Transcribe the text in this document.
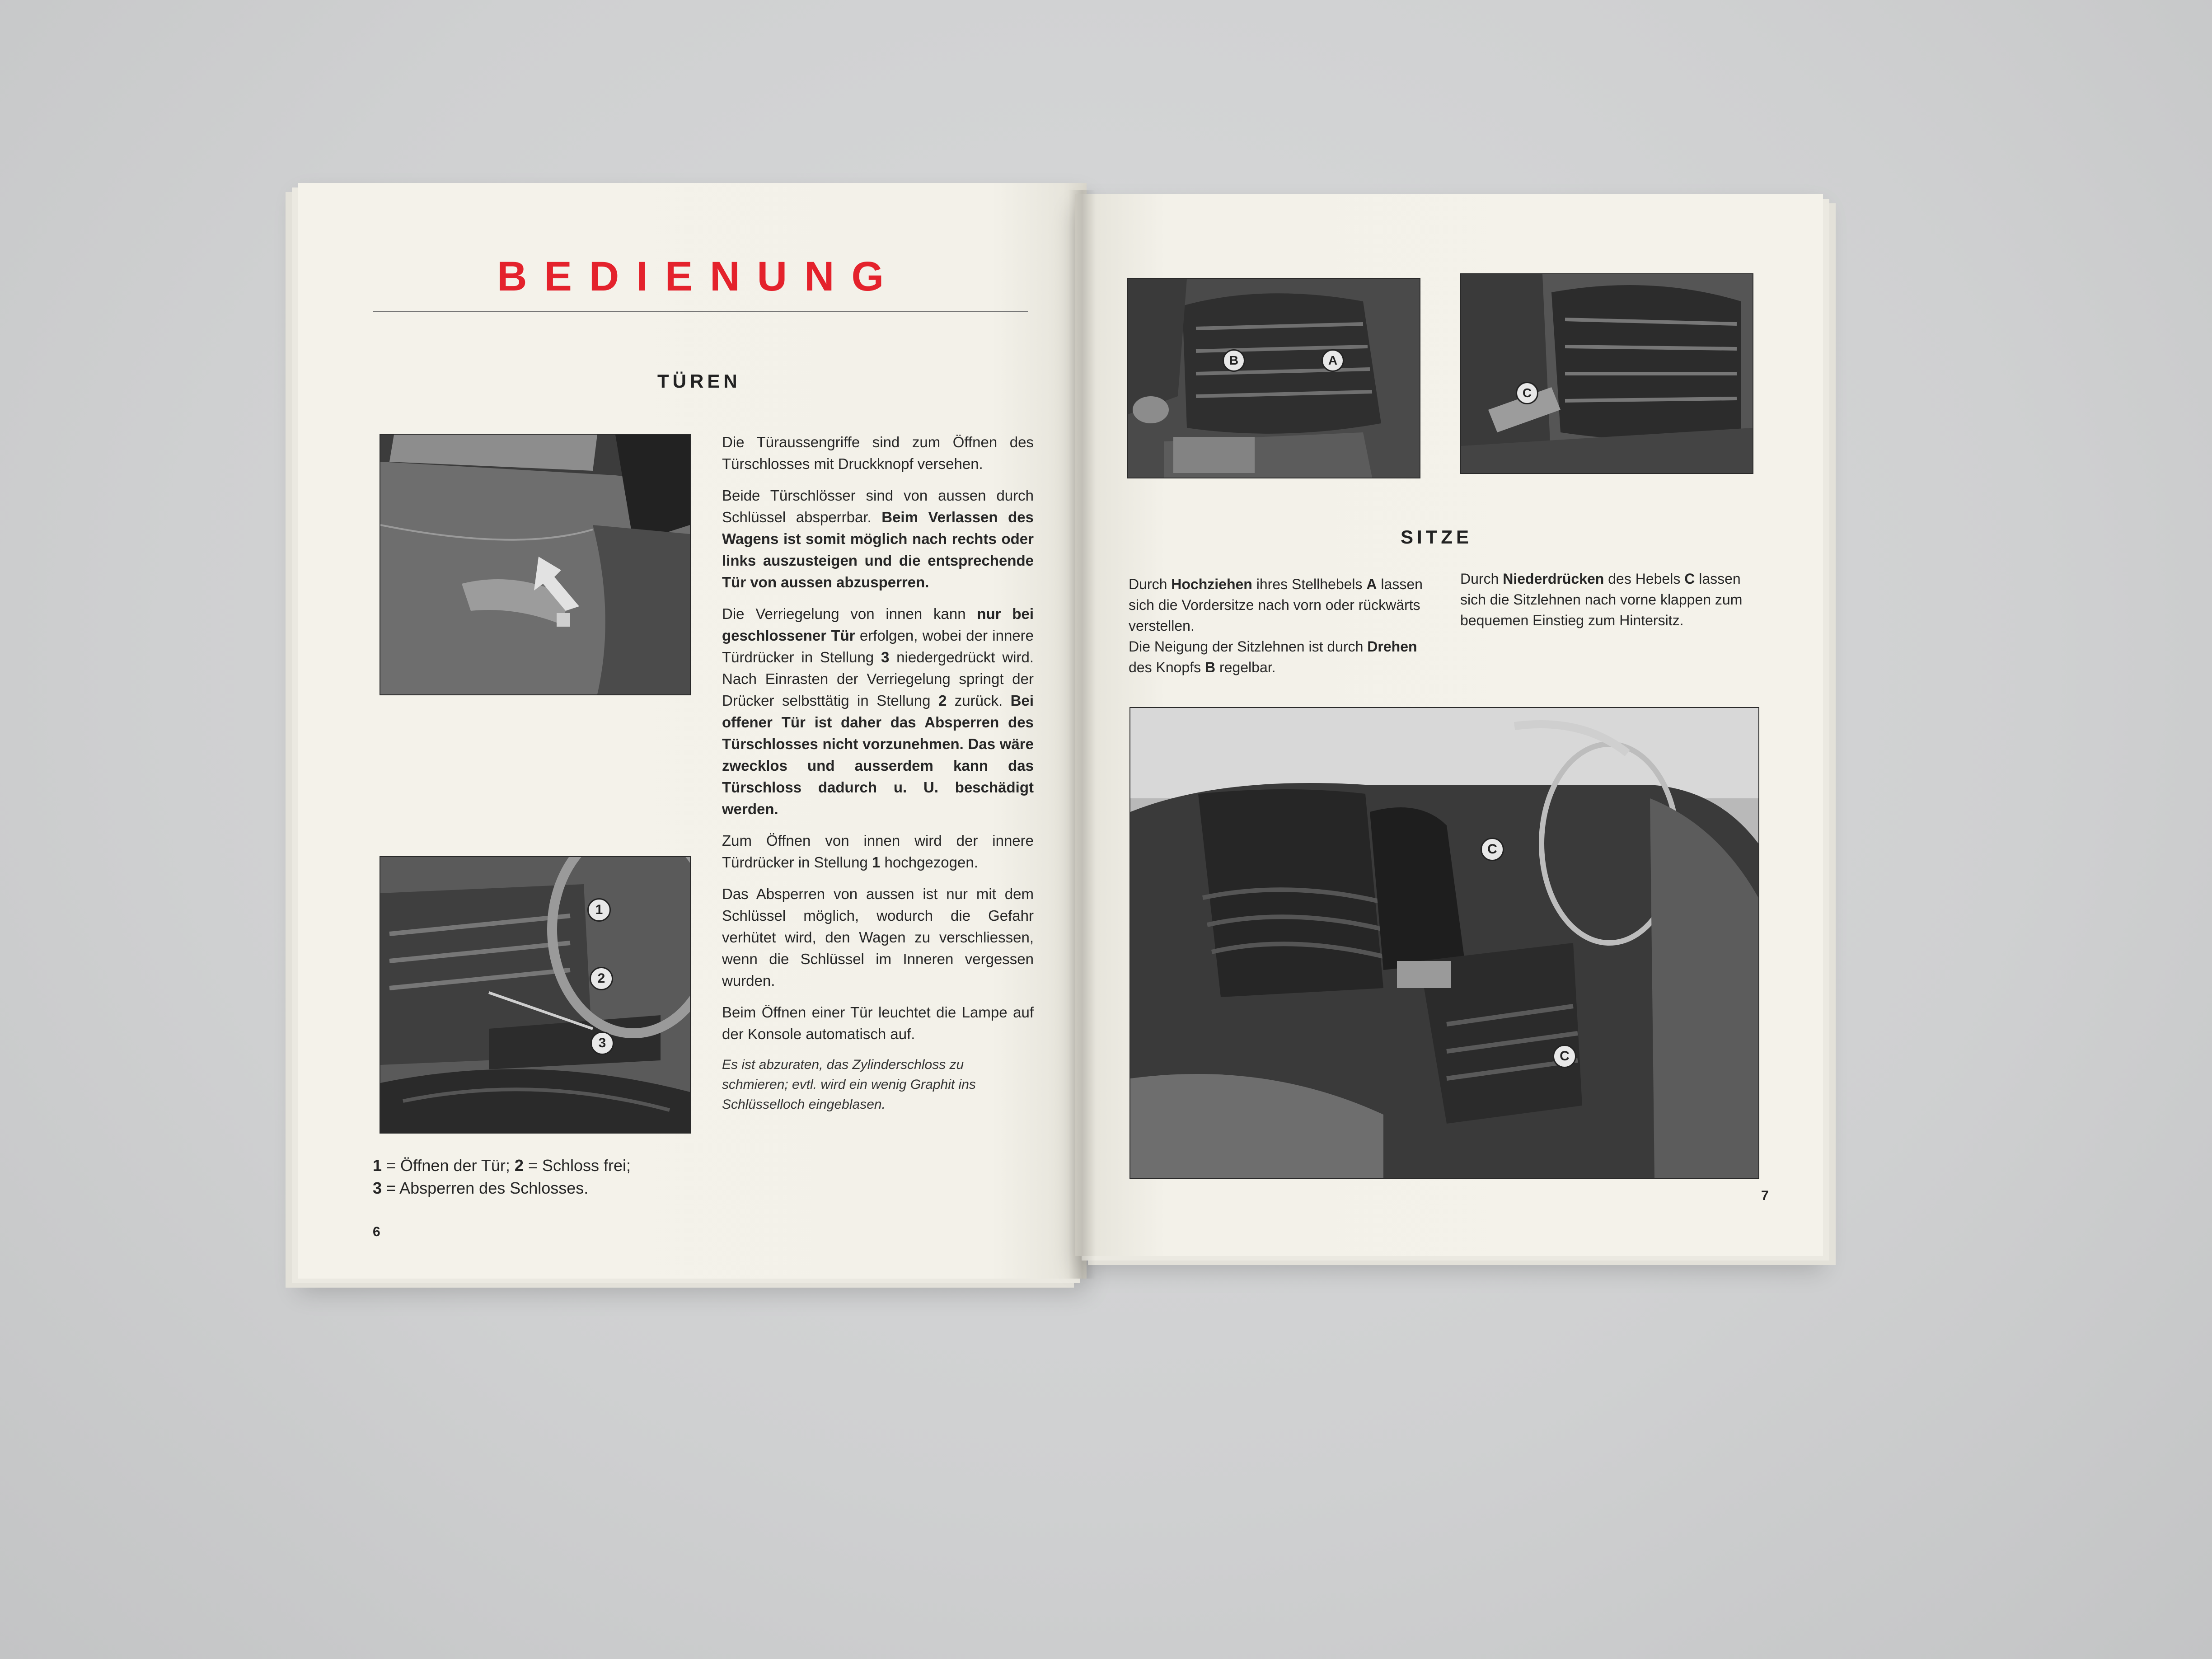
BEDIENUNG
TÜREN
1
2
3
1 = Öffnen der Tür; 2 = Schloss frei;
3 = Absperren des Schlosses.

Die Türaussengriffe sind zum Öffnen des Türschlosses mit Druckknopf versehen.

Beide Türschlösser sind von aussen durch Schlüssel absperrbar. Beim Verlassen des Wagens ist somit möglich nach rechts oder links auszusteigen und die entsprechende Tür von aussen abzusperren.

Die Verriegelung von innen kann nur bei geschlossener Tür erfolgen, wobei der innere Türdrücker in Stellung 3 niedergedrückt wird. Nach Einrasten der Verriegelung springt der Drücker selbsttätig in Stellung 2 zurück. Bei offener Tür ist daher das Absperren des Türschlosses nicht vorzunehmen. Das wäre zwecklos und ausserdem kann das Türschloss dadurch u. U. beschädigt werden.

Zum Öffnen von innen wird der innere Türdrücker in Stellung 1 hochgezogen.

Das Absperren von aussen ist nur mit dem Schlüssel möglich, wodurch die Gefahr verhütet wird, den Wagen zu verschliessen, wenn die Schlüssel im Inneren vergessen wurden.

Beim Öffnen einer Tür leuchtet die Lampe auf der Konsole automatisch auf.

Es ist abzuraten, das Zylinderschloss zu schmieren; evtl. wird ein wenig Graphit ins Schlüsselloch eingeblasen.

6
B	A
C
SITZE
Durch Hochziehen ihres Stellhebels A lassen sich die Vordersitze nach vorn oder rückwärts verstellen.
Die Neigung der Sitzlehnen ist durch Drehen des Knopfs B regelbar.
Durch Niederdrücken des Hebels C lassen sich die Sitzlehnen nach vorne klappen zum bequemen Einstieg zum Hintersitz.
C
C
7
